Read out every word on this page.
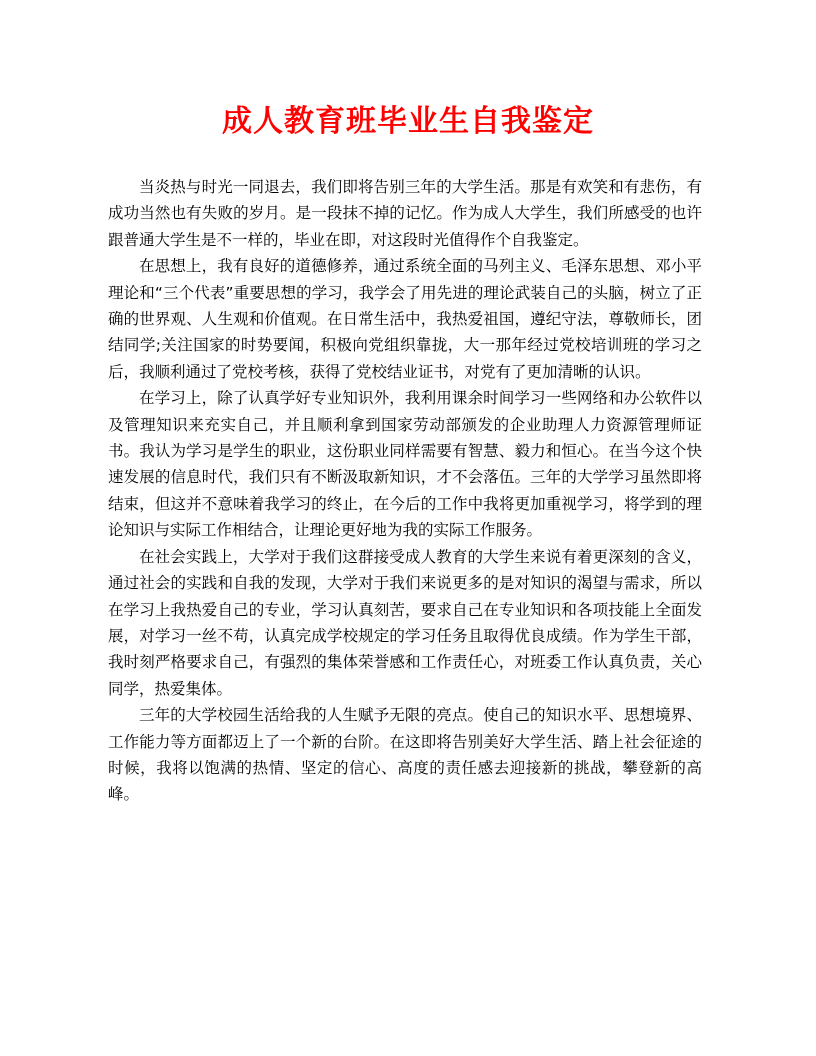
成人教育班毕业生自我鉴定

当炎热与时光一同退去，我们即将告别三年的大学生活。那是有欢笑和有悲伤，有成功当然也有失败的岁月。是一段抹不掉的记忆。作为成人大学生，我们所感受的也许跟普通大学生是不一样的，毕业在即，对这段时光值得作个自我鉴定。

在思想上，我有良好的道德修养，通过系统全面的马列主义、毛泽东思想、邓小平理论和“三个代表”重要思想的学习，我学会了用先进的理论武装自己的头脑，树立了正确的世界观、人生观和价值观。在日常生活中，我热爱祖国，遵纪守法，尊敬师长，团结同学;关注国家的时势要闻，积极向党组织靠拢，大一那年经过党校培训班的学习之后，我顺利通过了党校考核，获得了党校结业证书，对党有了更加清晰的认识。

在学习上，除了认真学好专业知识外，我利用课余时间学习一些网络和办公软件以及管理知识来充实自己，并且顺利拿到国家劳动部颁发的企业助理人力资源管理师证书。我认为学习是学生的职业，这份职业同样需要有智慧、毅力和恒心。在当今这个快速发展的信息时代，我们只有不断汲取新知识，才不会落伍。三年的大学学习虽然即将结束，但这并不意味着我学习的终止，在今后的工作中我将更加重视学习，将学到的理论知识与实际工作相结合，让理论更好地为我的实际工作服务。

在社会实践上，大学对于我们这群接受成人教育的大学生来说有着更深刻的含义，通过社会的实践和自我的发现，大学对于我们来说更多的是对知识的渴望与需求，所以在学习上我热爱自己的专业，学习认真刻苦，要求自己在专业知识和各项技能上全面发展，对学习一丝不苟，认真完成学校规定的学习任务且取得优良成绩。作为学生干部，我时刻严格要求自己，有强烈的集体荣誉感和工作责任心，对班委工作认真负责，关心同学，热爱集体。

三年的大学校园生活给我的人生赋予无限的亮点。使自己的知识水平、思想境界、工作能力等方面都迈上了一个新的台阶。在这即将告别美好大学生活、踏上社会征途的时候，我将以饱满的热情、坚定的信心、高度的责任感去迎接新的挑战，攀登新的高峰。
